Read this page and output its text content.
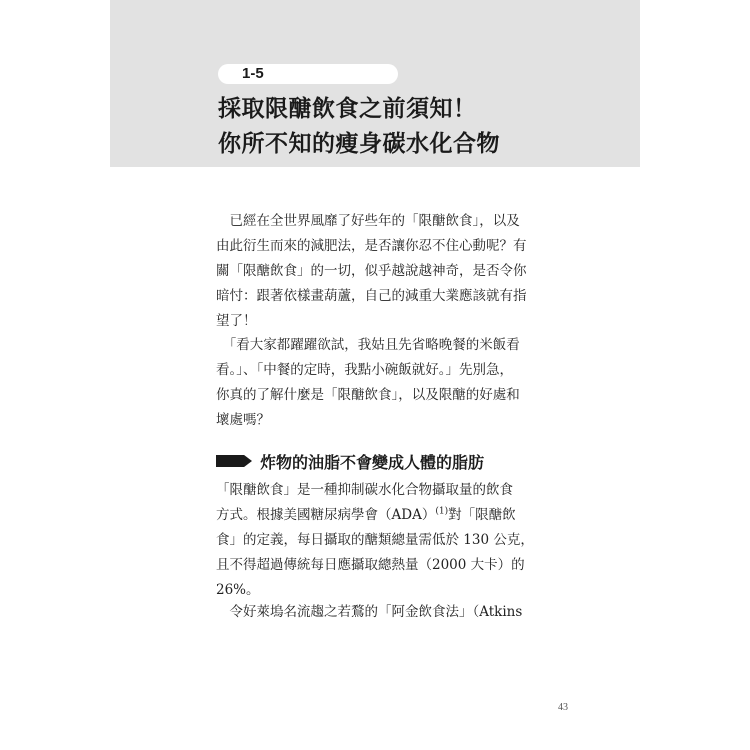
1-5
採取限醣飲食之前須知！
你所不知的瘦身碳水化合物
　已經在全世界風靡了好些年的「限醣飲食」，以及
由此衍生而來的減肥法，是否讓你忍不住心動呢？有
關「限醣飲食」的一切，似乎越說越神奇，是否令你
暗忖：跟著依樣畫葫蘆，自己的減重大業應該就有指
望了！
　「看大家都躍躍欲試，我姑且先省略晚餐的米飯看
看。」、「中餐的定時，我點小碗飯就好。」先別急，
你真的了解什麼是「限醣飲食」，以及限醣的好處和
壞處嗎？
炸物的油脂不會變成人體的脂肪
「限醣飲食」是一種抑制碳水化合物攝取量的飲食
方式。根據美國糖尿病學會（ADA）$^{(1)}$對「限醣飲
食」的定義，每日攝取的醣類總量需低於 130 公克，
且不得超過傳統每日應攝取總熱量（2000 大卡）的
26%。
　令好萊塢名流趨之若鶩的「阿金飲食法」（Atkins
43
